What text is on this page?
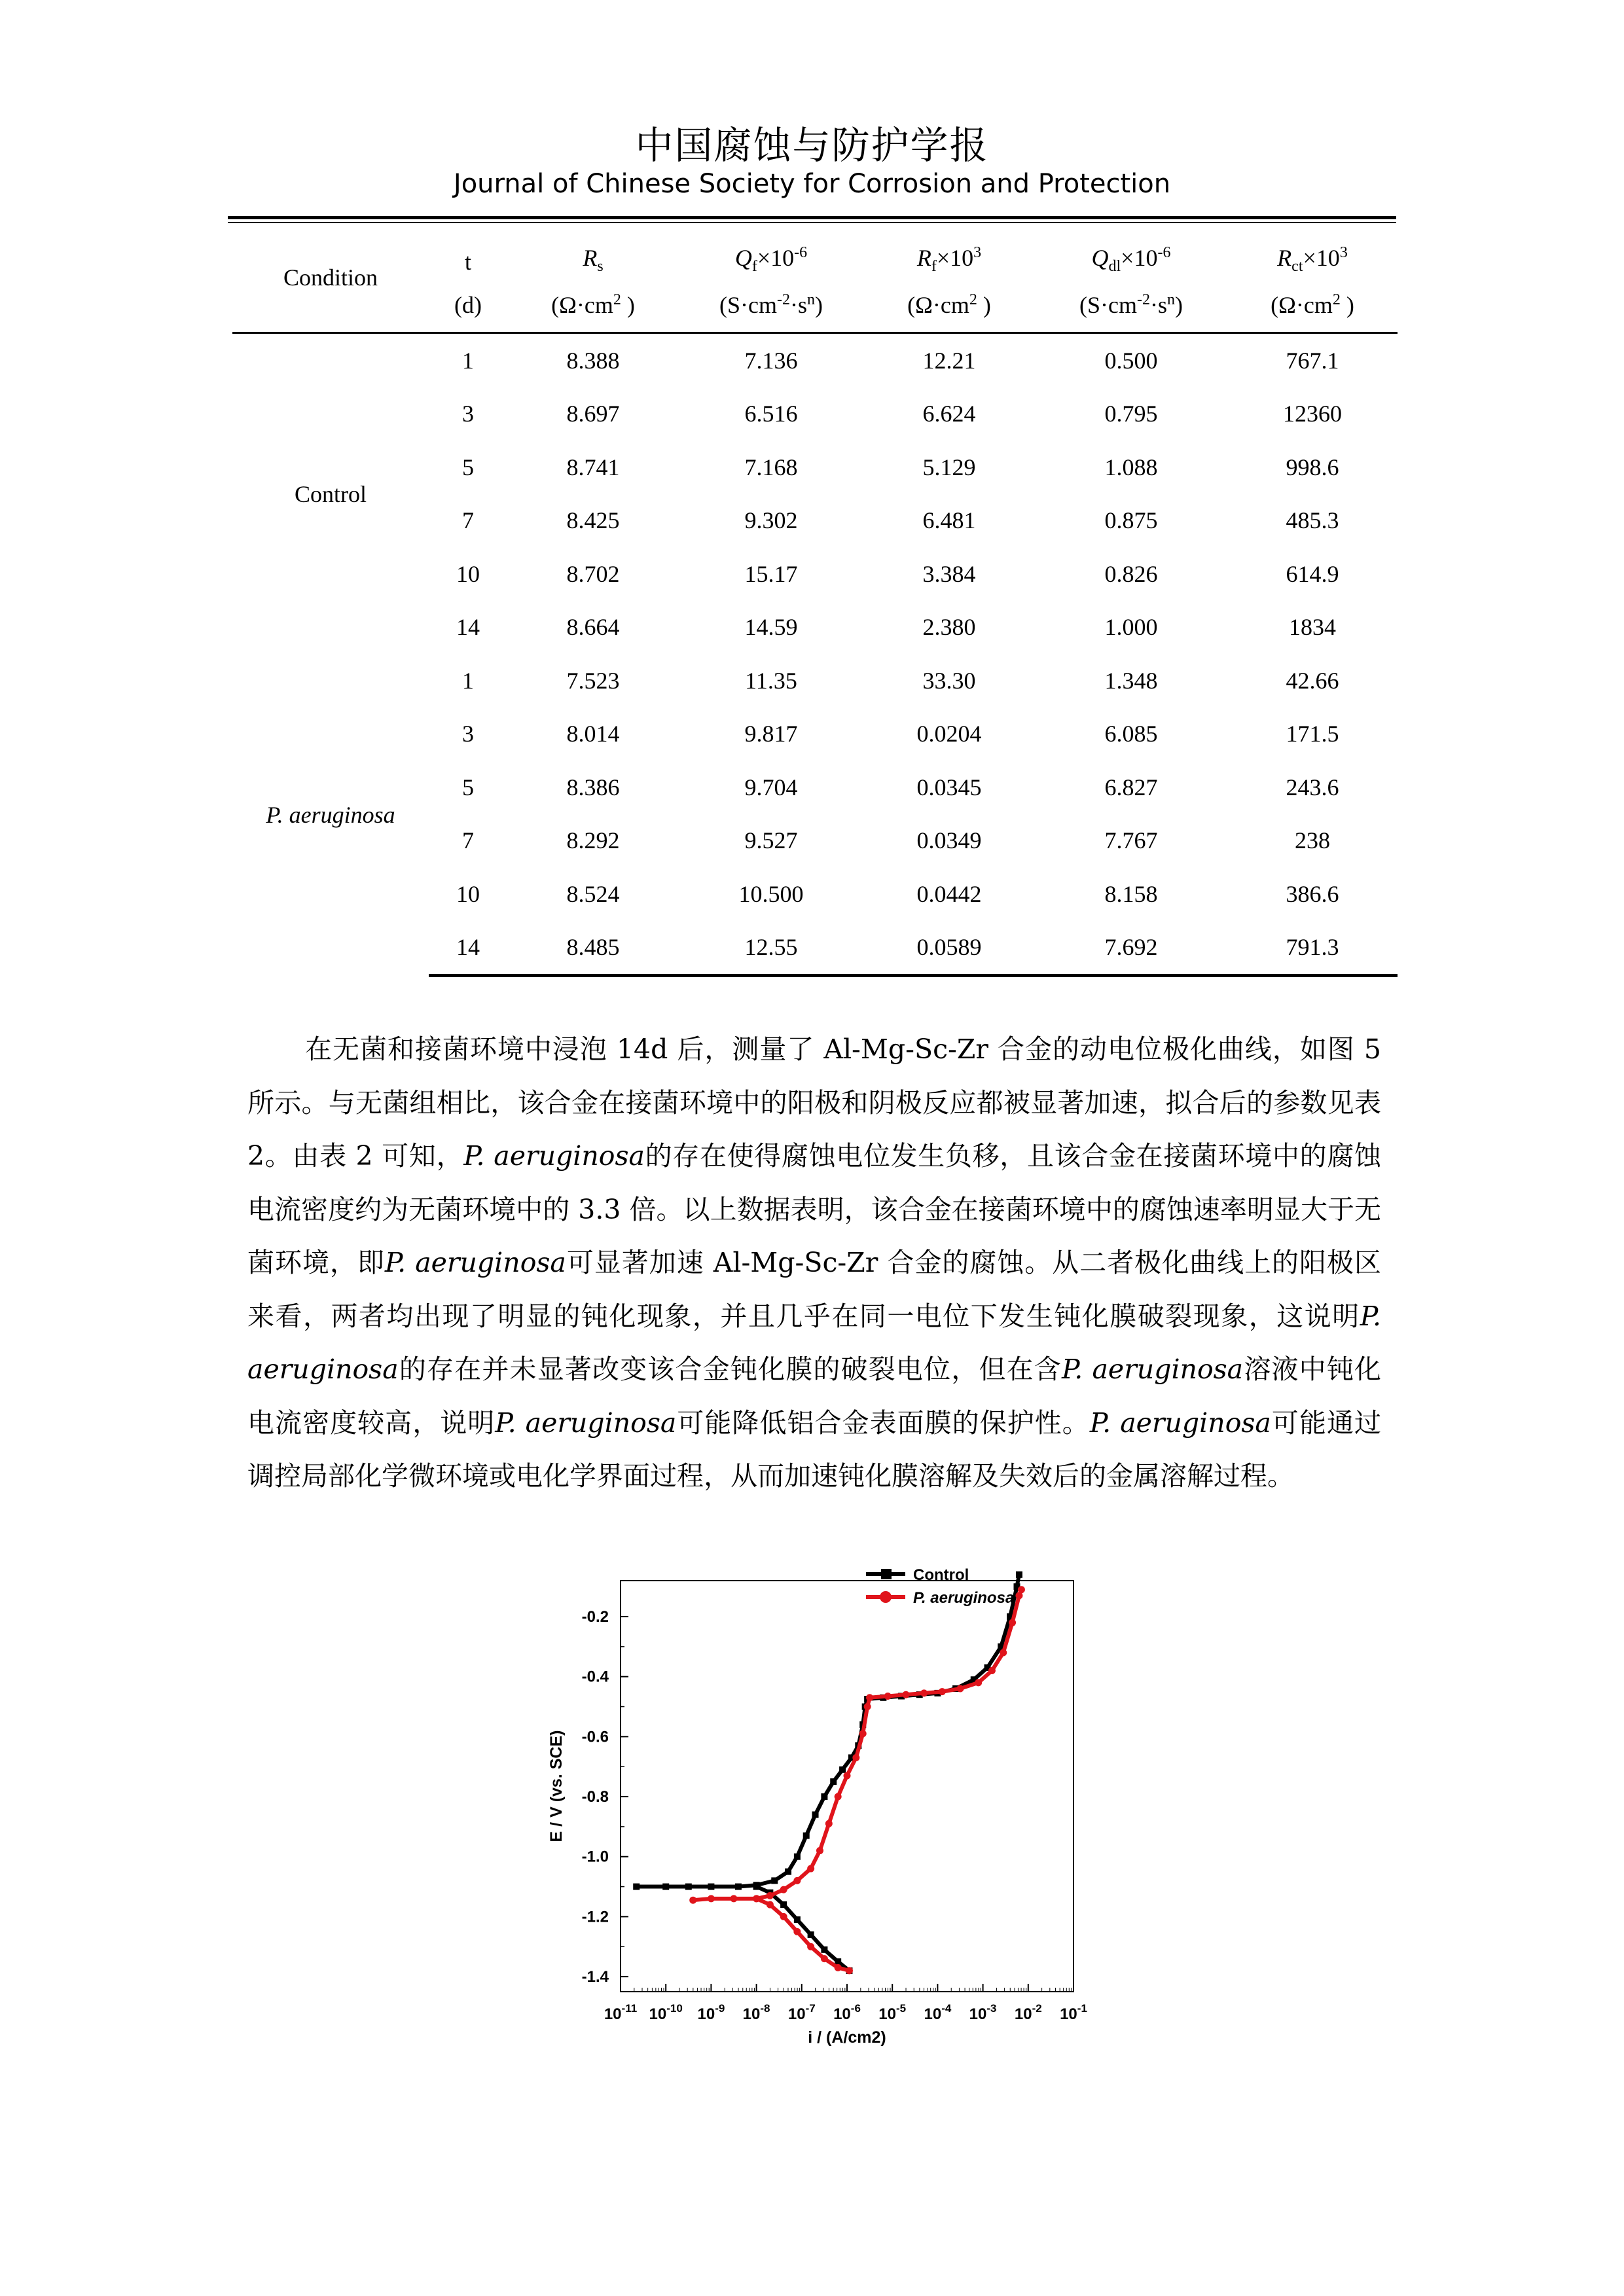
中国腐蚀与防护学报
Journal of Chinese Society for Corrosion and Protection
Condition	t	$R_s$	$Q_f\times 10^{-6}$	$R_f\times 10^3$	$Q_{dl}\times 10^{-6}$	$R_{ct}\times 10^3$
	(d)	($\Omega\cdot cm^2$ )	$(S\cdot cm^{-2}\cdot s^n)$	($\Omega\cdot cm^2$ )	$(S\cdot cm^{-2}\cdot s^n)$	($\Omega\cdot cm^2$ )
Control	1	8.388	7.136	12.21	0.500	767.1
	3	8.697	6.516	6.624	0.795	12360
	5	8.741	7.168	5.129	1.088	998.6
	7	8.425	9.302	6.481	0.875	485.3
	10	8.702	15.17	3.384	0.826	614.9
	14	8.664	14.59	2.380	1.000	1834
P. aeruginosa	1	7.523	11.35	33.30	1.348	42.66
	3	8.014	9.817	0.0204	6.085	171.5
	5	8.386	9.704	0.0345	6.827	243.6
	7	8.292	9.527	0.0349	7.767	238
	10	8.524	10.500	0.0442	8.158	386.6
	14	8.485	12.55	0.0589	7.692	791.3
在无菌和接菌环境中浸泡 14d 后，测量了 Al-Mg-Sc-Zr 合金的动电位极化曲线，如图 5 所示。与无菌组相比，该合金在接菌环境中的阳极和阴极反应都被显著加速，拟合后的参数见表 2。由表 2 可知，P. aeruginosa的存在使得腐蚀电位发生负移，且该合金在接菌环境中的腐蚀电流密度约为无菌环境中的 3.3 倍。以上数据表明，该合金在接菌环境中的腐蚀速率明显大于无菌环境，即P. aeruginosa可显著加速 Al-Mg-Sc-Zr 合金的腐蚀。从二者极化曲线上的阳极区来看，两者均出现了明显的钝化现象，并且几乎在同一电位下发生钝化膜破裂现象，这说明P. aeruginosa的存在并未显著改变该合金钝化膜的破裂电位，但在含P. aeruginosa溶液中钝化电流密度较高，说明P. aeruginosa可能降低铝合金表面膜的保护性。P. aeruginosa可能通过调控局部化学微环境或电化学界面过程，从而加速钝化膜溶解及失效后的金属溶解过程。
-0.2
-0.4
-0.6
-0.8
-1.0
-1.2
-1.4
$10^{-11}$ $10^{-10}$ $10^{-9}$ $10^{-8}$ $10^{-7}$ $10^{-6}$ $10^{-5}$ $10^{-4}$ $10^{-3}$ $10^{-2}$ $10^{-1}$
i / (A/cm2)
E / V (vs. SCE)
Control
P. aeruginosa
